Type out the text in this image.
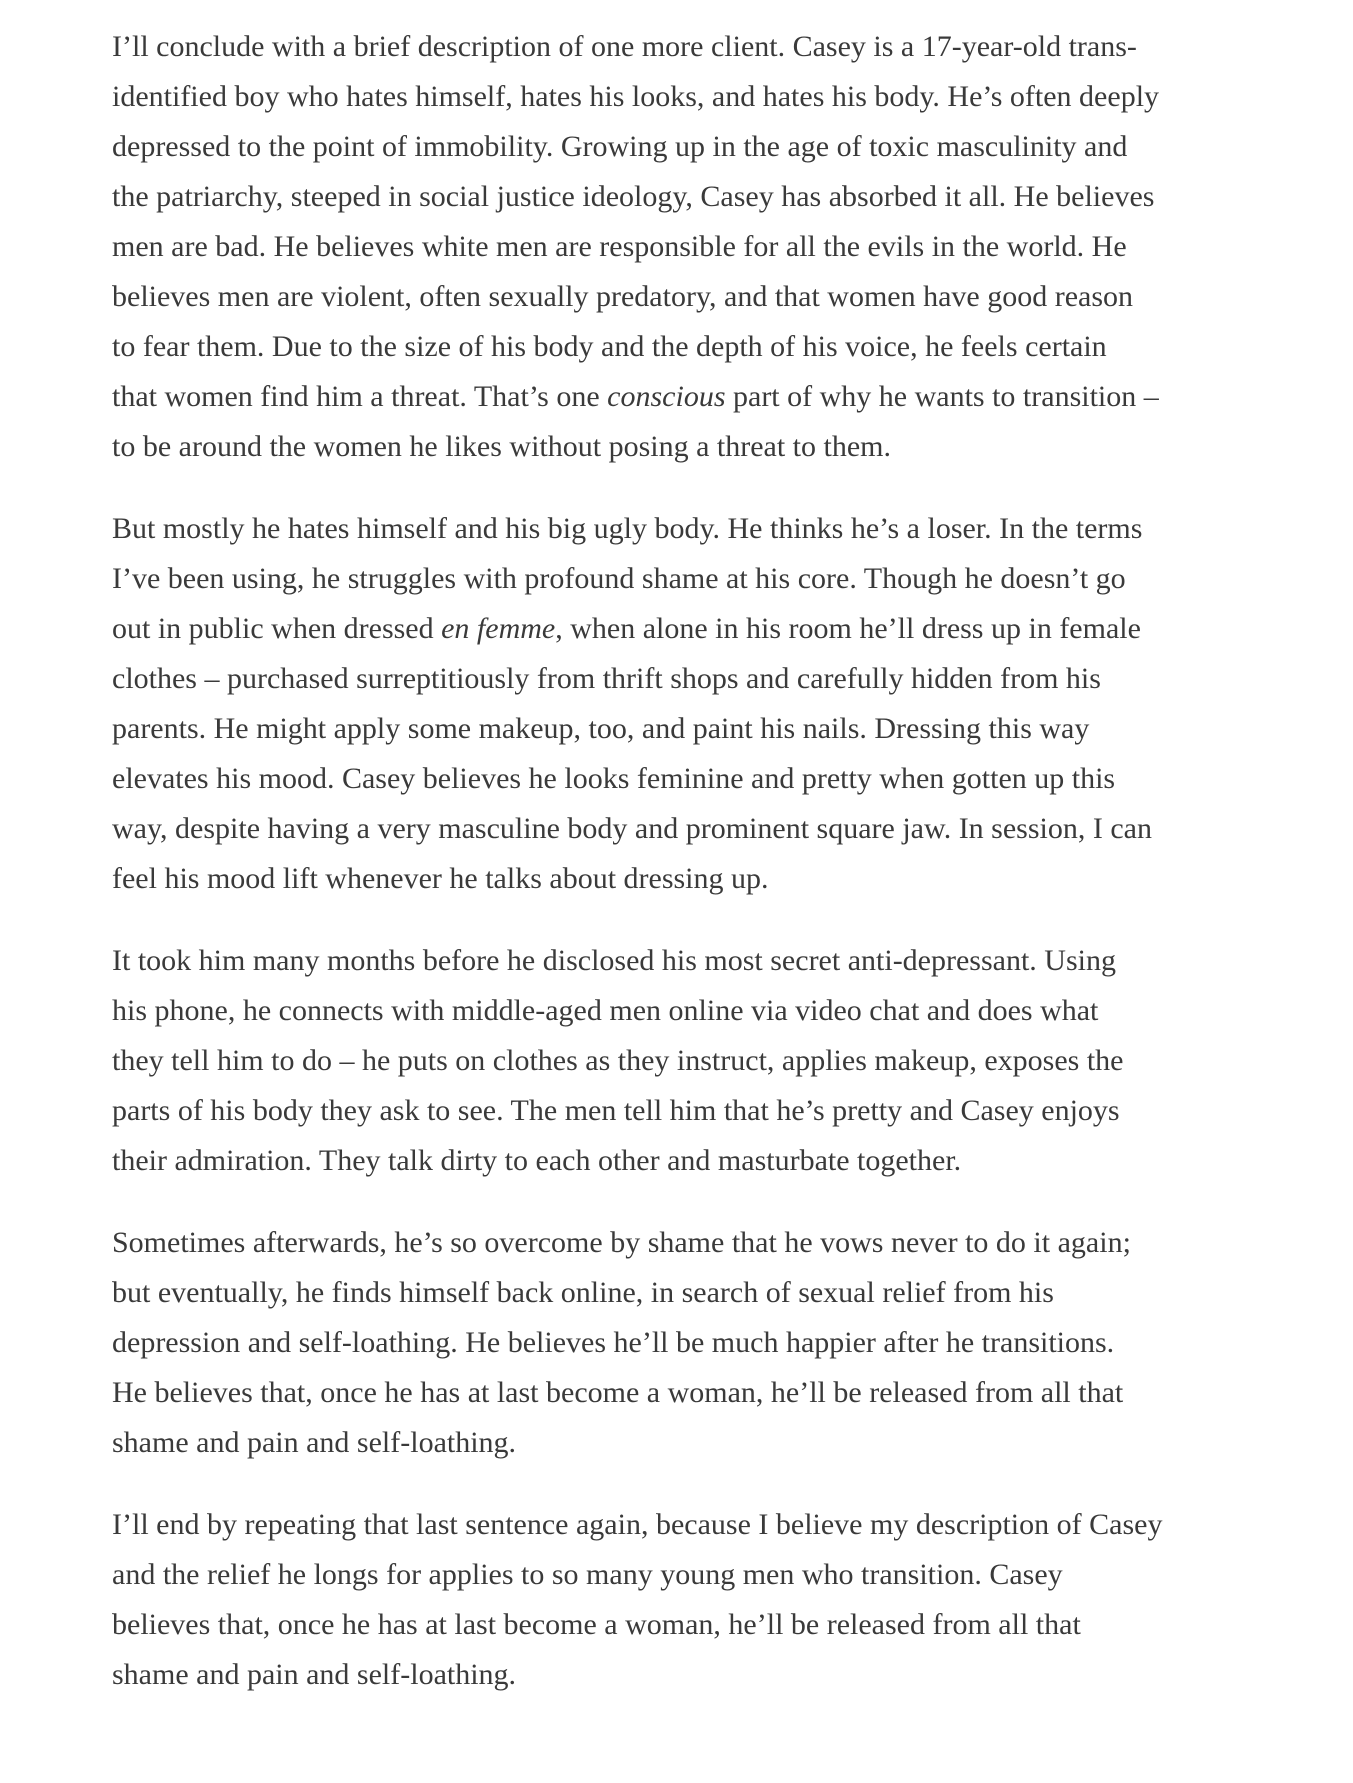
I’ll conclude with a brief description of one more client. Casey is a 17-year-old trans-
identified boy who hates himself, hates his looks, and hates his body. He’s often deeply
depressed to the point of immobility. Growing up in the age of toxic masculinity and
the patriarchy, steeped in social justice ideology, Casey has absorbed it all. He believes
men are bad. He believes white men are responsible for all the evils in the world. He
believes men are violent, often sexually predatory, and that women have good reason
to fear them. Due to the size of his body and the depth of his voice, he feels certain
that women find him a threat. That’s one conscious part of why he wants to transition –
to be around the women he likes without posing a threat to them.

But mostly he hates himself and his big ugly body. He thinks he’s a loser. In the terms
I’ve been using, he struggles with profound shame at his core. Though he doesn’t go
out in public when dressed en femme, when alone in his room he’ll dress up in female
clothes – purchased surreptitiously from thrift shops and carefully hidden from his
parents. He might apply some makeup, too, and paint his nails. Dressing this way
elevates his mood. Casey believes he looks feminine and pretty when gotten up this
way, despite having a very masculine body and prominent square jaw. In session, I can
feel his mood lift whenever he talks about dressing up.

It took him many months before he disclosed his most secret anti-depressant. Using
his phone, he connects with middle-aged men online via video chat and does what
they tell him to do – he puts on clothes as they instruct, applies makeup, exposes the
parts of his body they ask to see. The men tell him that he’s pretty and Casey enjoys
their admiration. They talk dirty to each other and masturbate together.

Sometimes afterwards, he’s so overcome by shame that he vows never to do it again;
but eventually, he finds himself back online, in search of sexual relief from his
depression and self-loathing. He believes he’ll be much happier after he transitions.
He believes that, once he has at last become a woman, he’ll be released from all that
shame and pain and self-loathing.

I’ll end by repeating that last sentence again, because I believe my description of Casey
and the relief he longs for applies to so many young men who transition. Casey
believes that, once he has at last become a woman, he’ll be released from all that
shame and pain and self-loathing.
